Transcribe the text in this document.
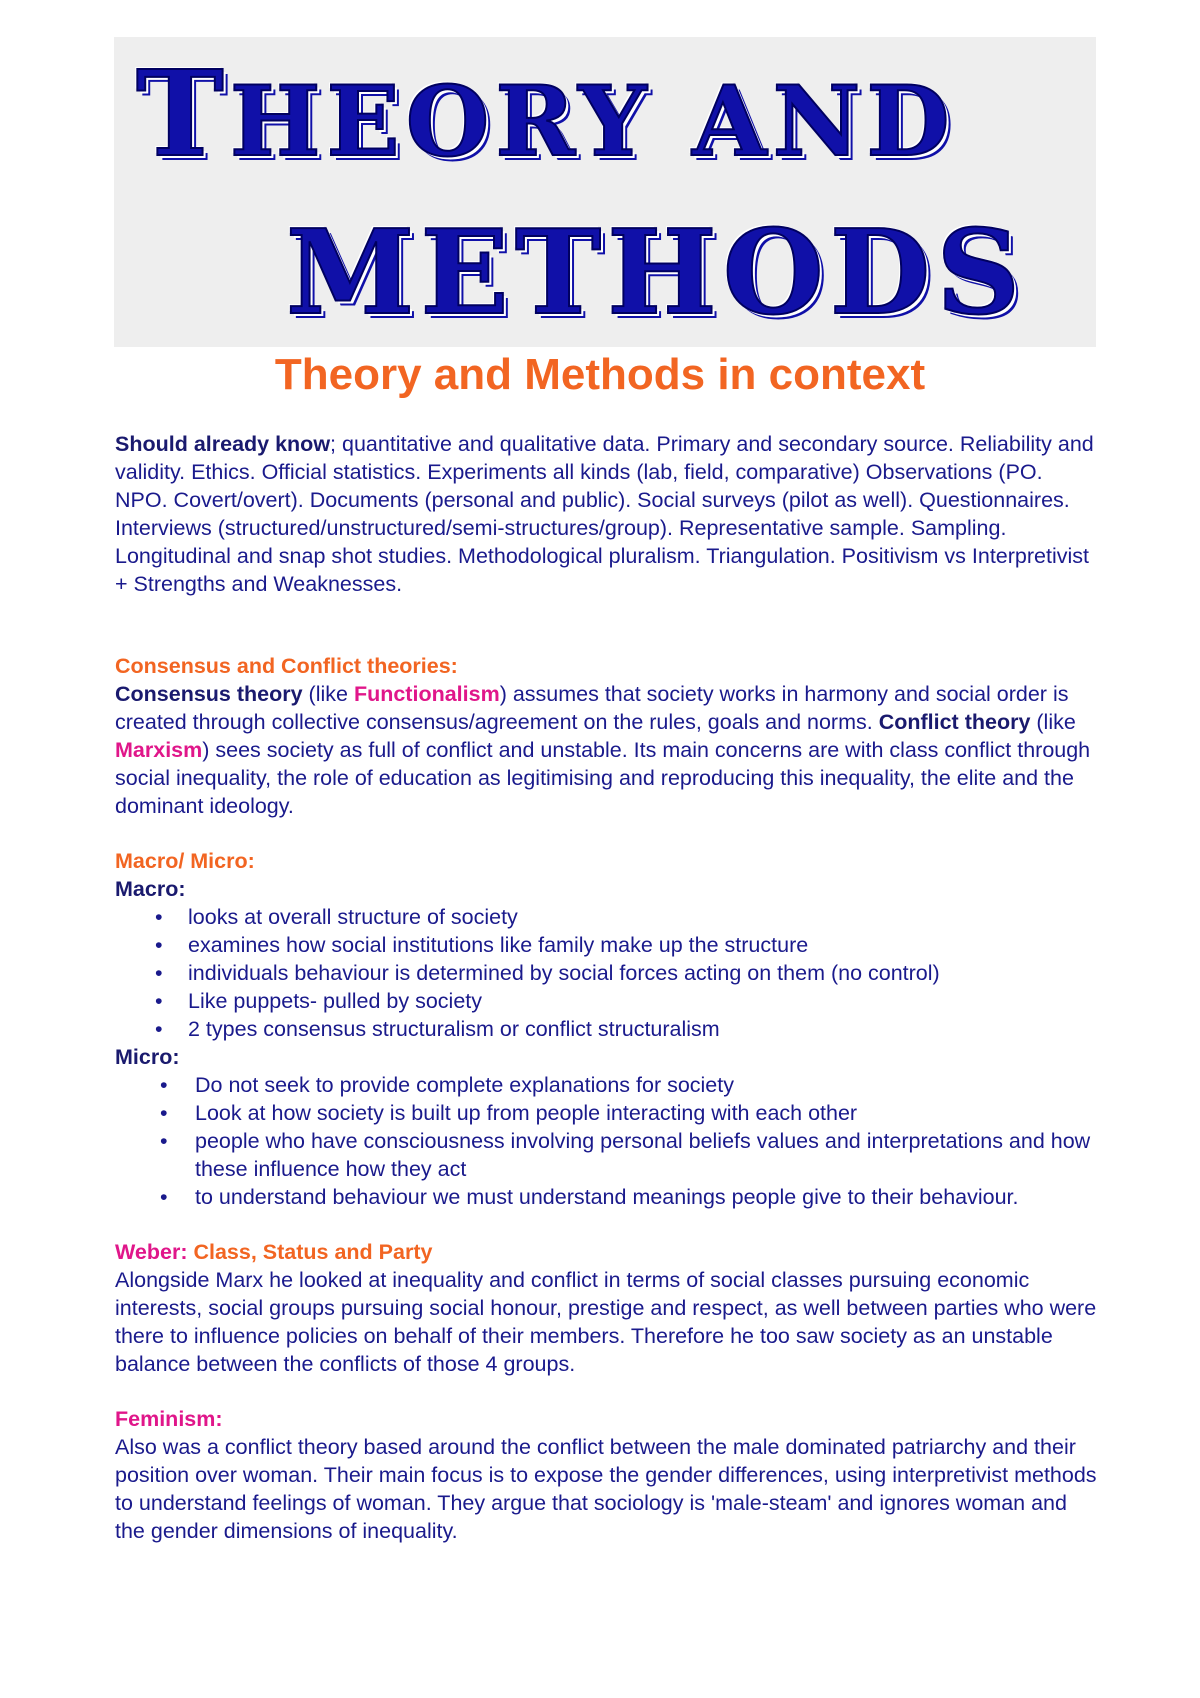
THEORY AND
METHODS
Theory and Methods in context

Should already know; quantitative and qualitative data. Primary and secondary source. Reliability and validity. Ethics. Official statistics. Experiments all kinds (lab, field, comparative) Observations (PO. NPO. Covert/overt). Documents (personal and public). Social surveys (pilot as well). Questionnaires. Interviews (structured/unstructured/semi-structures/group). Representative sample. Sampling. Longitudinal and snap shot studies. Methodological pluralism. Triangulation. Positivism vs Interpretivist + Strengths and Weaknesses.

Consensus and Conflict theories:

Consensus theory (like Functionalism) assumes that society works in harmony and social order is created through collective consensus/agreement on the rules, goals and norms. Conflict theory (like Marxism) sees society as full of conflict and unstable. Its main concerns are with class conflict through social inequality, the role of education as legitimising and reproducing this inequality, the elite and the dominant ideology.

Macro/ Micro:

Macro:

• looks at overall structure of society
• examines how social institutions like family make up the structure
• individuals behaviour is determined by social forces acting on them (no control)
• Like puppets- pulled by society
• 2 types consensus structuralism or conflict structuralism

Micro:

• Do not seek to provide complete explanations for society
• Look at how society is built up from people interacting with each other
• people who have consciousness involving personal beliefs values and interpretations and how these influence how they act
• to understand behaviour we must understand meanings people give to their behaviour.

Weber: Class, Status and Party

Alongside Marx he looked at inequality and conflict in terms of social classes pursuing economic interests, social groups pursuing social honour, prestige and respect, as well between parties who were there to influence policies on behalf of their members. Therefore he too saw society as an unstable balance between the conflicts of those 4 groups.

Feminism:

Also was a conflict theory based around the conflict between the male dominated patriarchy and their position over woman. Their main focus is to expose the gender differences, using interpretivist methods to understand feelings of woman. They argue that sociology is 'male-steam' and ignores woman and the gender dimensions of inequality.
